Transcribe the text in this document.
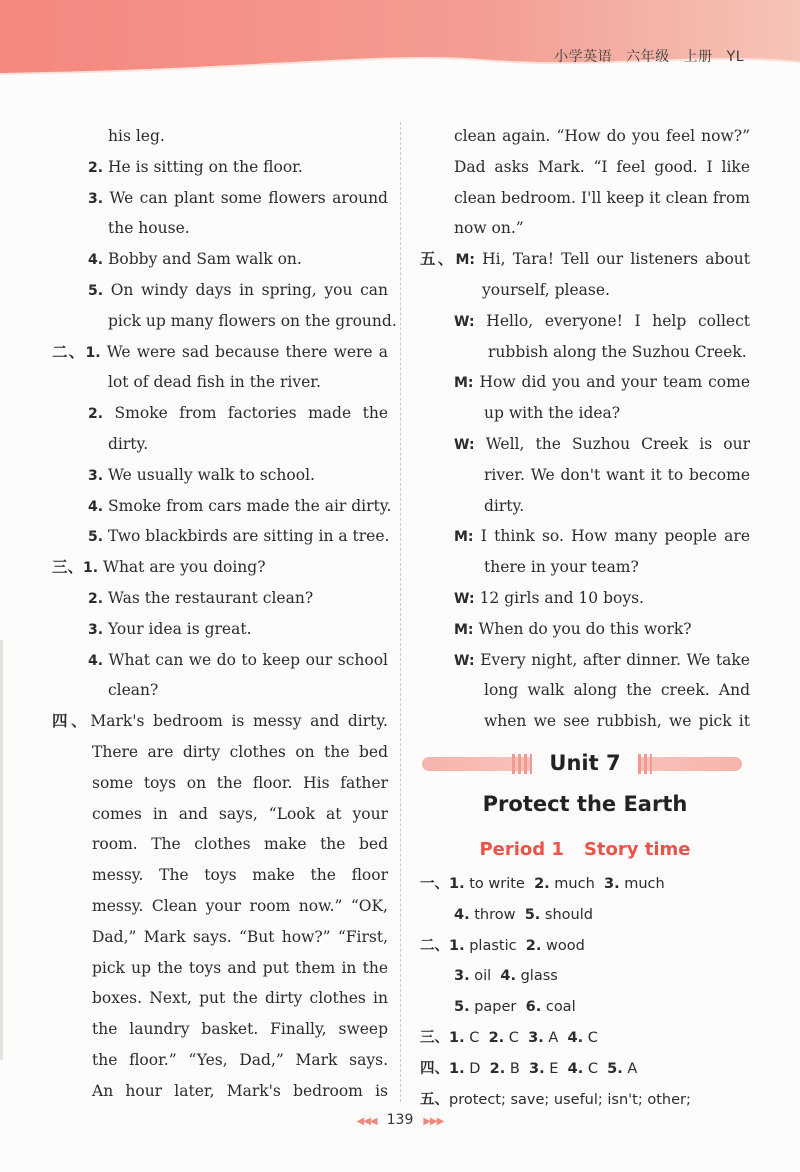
小学英语 六年级 上册 YL
his leg.
2. He is sitting on the floor.
3. We can plant some flowers around
the house.
4. Bobby and Sam walk on.
5. On windy days in spring, you can
pick up many flowers on the ground.
二、1. We were sad because there were a
lot of dead fish in the river.
2. Smoke from factories made the
dirty.
3. We usually walk to school.
4. Smoke from cars made the air dirty.
5. Two blackbirds are sitting in a tree.
三、1. What are you doing?
2. Was the restaurant clean?
3. Your idea is great.
4. What can we do to keep our school
clean?
四、Mark's bedroom is messy and dirty.
There are dirty clothes on the bed
some toys on the floor. His father
comes in and says, “Look at your
room. The clothes make the bed
messy. The toys make the floor
messy. Clean your room now.” “OK,
Dad,” Mark says. “But how?” “First,
pick up the toys and put them in the
boxes. Next, put the dirty clothes in
the laundry basket. Finally, sweep
the floor.” “Yes, Dad,” Mark says.
An hour later, Mark's bedroom is
clean again. “How do you feel now?”
Dad asks Mark. “I feel good. I like
clean bedroom. I'll keep it clean from
now on.”
五、M: Hi, Tara! Tell our listeners about
yourself, please.
W: Hello, everyone! I help collect
rubbish along the Suzhou Creek.
M: How did you and your team come
up with the idea?
W: Well, the Suzhou Creek is our
river. We don't want it to become
dirty.
M: I think so. How many people are
there in your team?
W: 12 girls and 10 boys.
M: When do you do this work?
W: Every night, after dinner. We take
long walk along the creek. And
when we see rubbish, we pick it
Unit 7
Protect the Earth
Period 1 Story time
一、1. to write 2. much 3. much
4. throw 5. should
二、1. plastic 2. wood
3. oil 4. glass
5. paper 6. coal
三、1. C 2. C 3. A 4. C
四、1. D 2. B 3. E 4. C 5. A
五、protect; save; useful; isn't; other;
◀◀◀ 139 ▶▶▶
